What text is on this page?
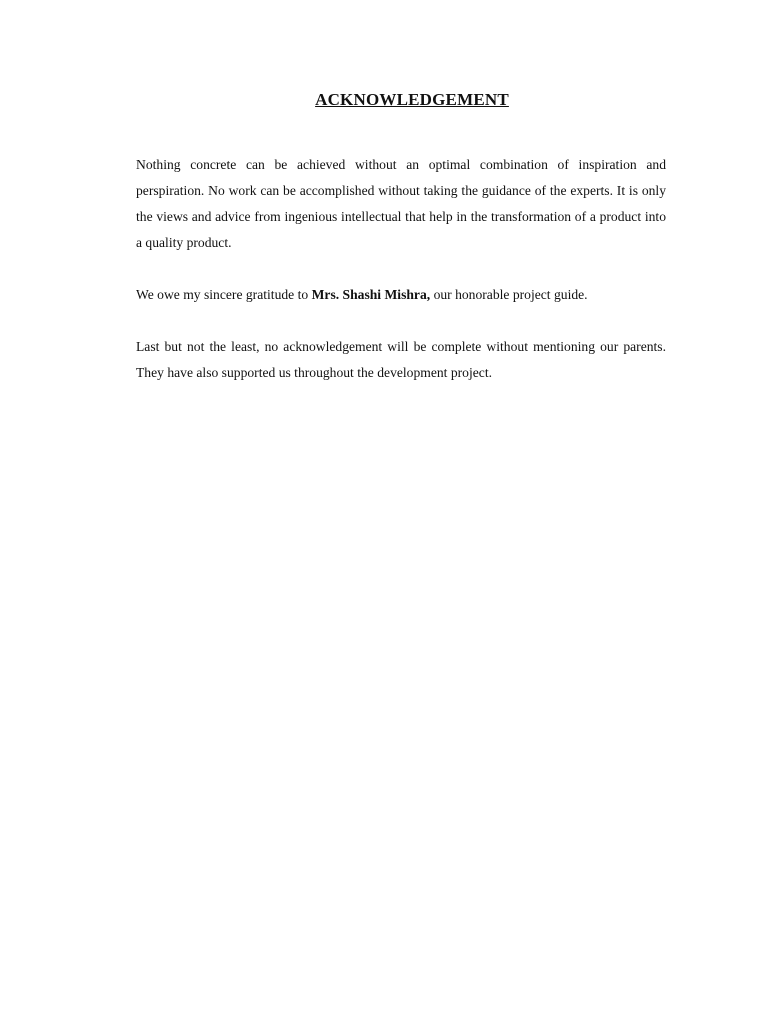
ACKNOWLEDGEMENT

Nothing concrete can be achieved without an optimal combination of inspiration and perspiration. No work can be accomplished without taking the guidance of the experts. It is only the views and advice from ingenious intellectual that help in the transformation of a product into a quality product.

We owe my sincere gratitude to Mrs. Shashi Mishra, our honorable project guide.

Last but not the least, no acknowledgement will be complete without mentioning our parents. They have also supported us throughout the development project.
